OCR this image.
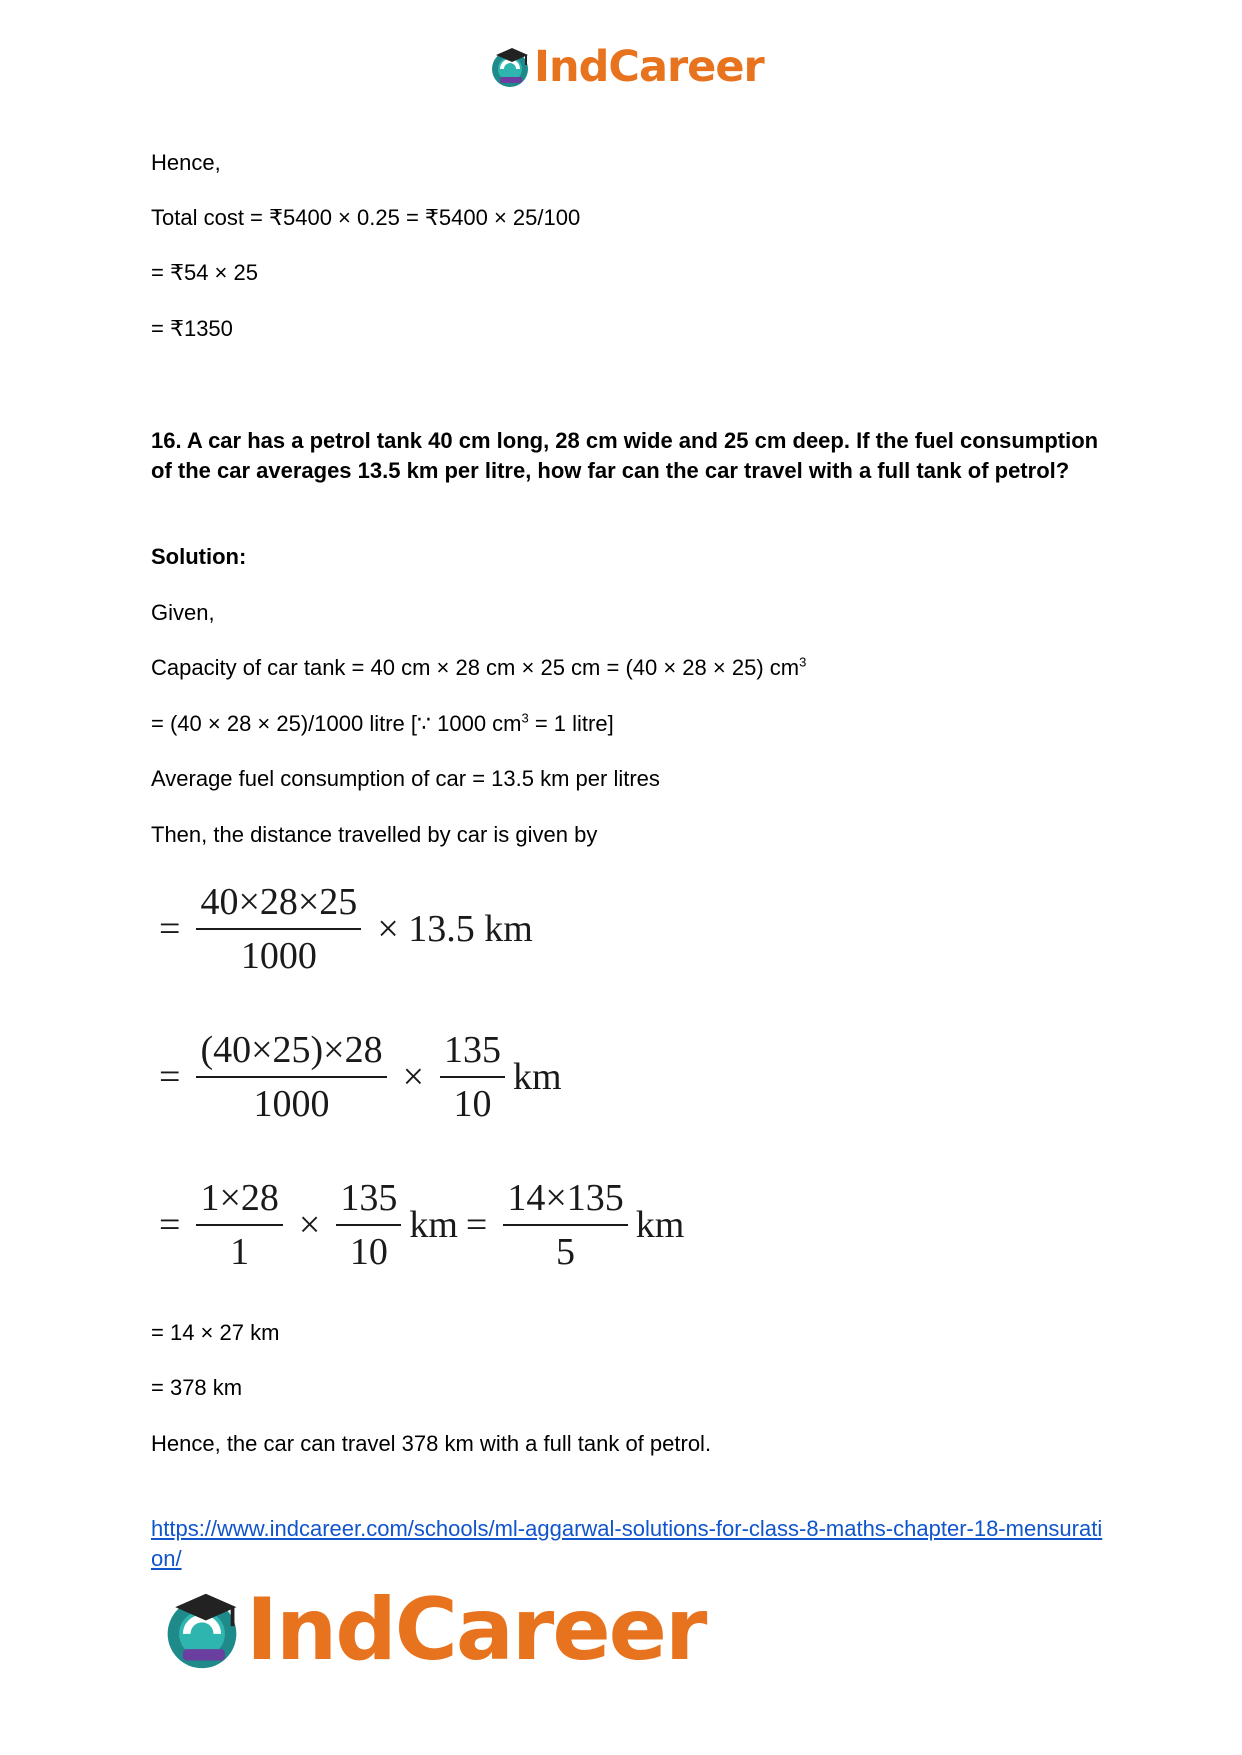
IndCareer
Hence,
Total cost = ₹5400 × 0.25 = ₹5400 × 25/100
= ₹54 × 25
= ₹1350
16. A car has a petrol tank 40 cm long, 28 cm wide and 25 cm deep. If the fuel consumption of the car averages 13.5 km per litre, how far can the car travel with a full tank of petrol?
Solution:
Given,
Capacity of car tank = 40 cm × 28 cm × 25 cm = (40 × 28 × 25) $cm^3$
= (40 × 28 × 25)/1000 litre [∵ 1000 $cm^3 = 1$ litre]
Average fuel consumption of car = 13.5 km per litres
Then, the distance travelled by car is given by
= $\frac{40\times 28\times 25}{1000} \times 13.5$ km
= $\frac{(40\times 25)\times 28}{1000} \times \frac{135}{10}$ km
= $\frac{1\times 28}{1} \times \frac{135}{10}$ km = $\frac{14\times 135}{5}$ km
= 14 × 27 km
= 378 km
Hence, the car can travel 378 km with a full tank of petrol.
https://www.indcareer.com/schools/ml-aggarwal-solutions-for-class-8-maths-chapter-18-mensuration/
IndCareer
